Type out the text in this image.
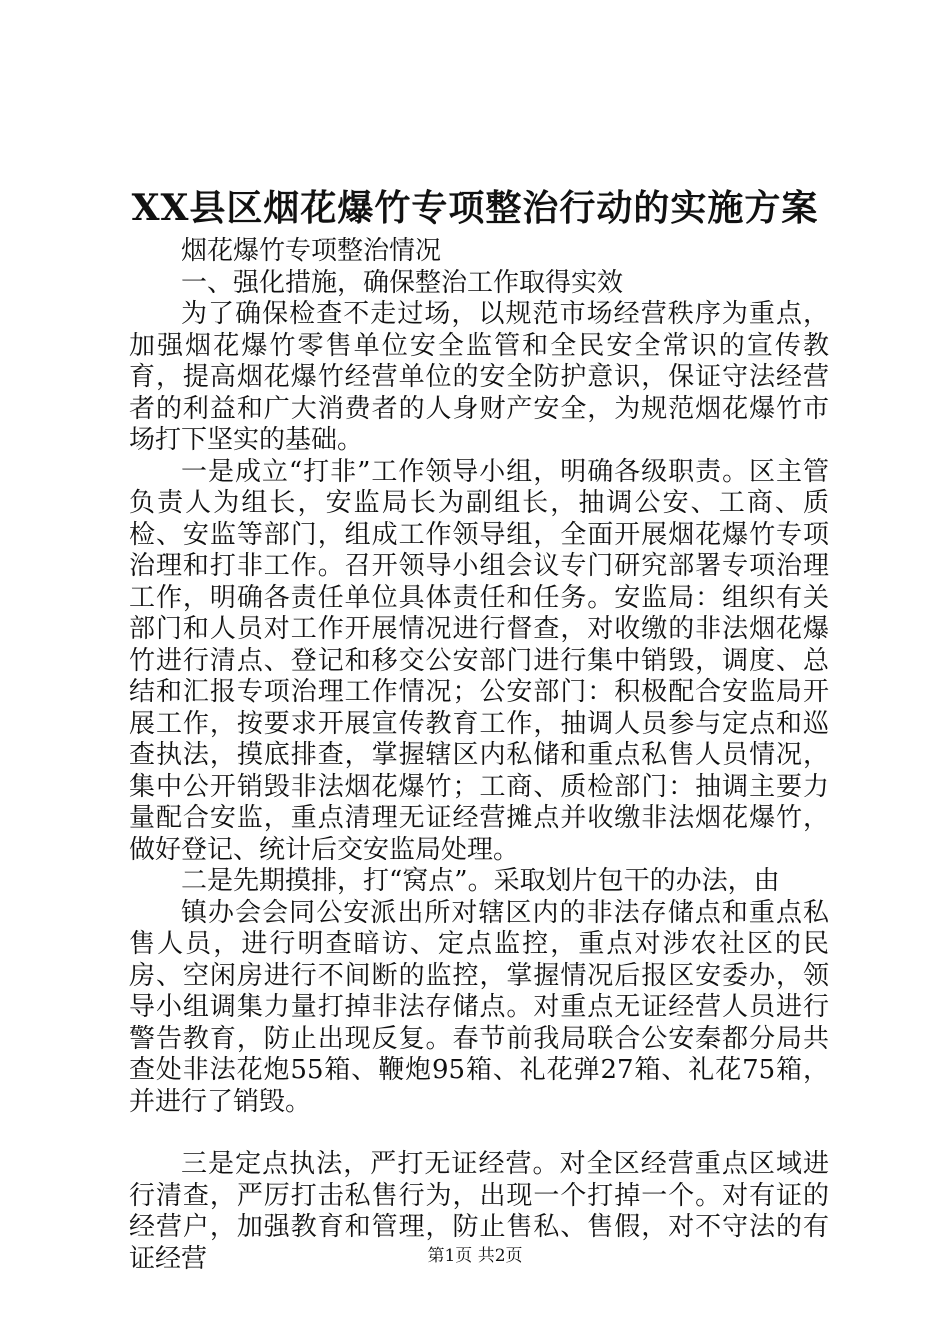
XX县区烟花爆竹专项整治行动的实施方案

烟花爆竹专项整治情况

一、强化措施，确保整治工作取得实效

为了确保检查不走过场，以规范市场经营秩序为重点，加强烟花爆竹零售单位安全监管和全民安全常识的宣传教育，提高烟花爆竹经营单位的安全防护意识，保证守法经营者的利益和广大消费者的人身财产安全，为规范烟花爆竹市场打下坚实的基础。

一是成立“打非”工作领导小组，明确各级职责。区主管负责人为组长，安监局长为副组长，抽调公安、工商、质检、安监等部门，组成工作领导组，全面开展烟花爆竹专项治理和打非工作。召开领导小组会议专门研究部署专项治理工作，明确各责任单位具体责任和任务。安监局：组织有关部门和人员对工作开展情况进行督查，对收缴的非法烟花爆竹进行清点、登记和移交公安部门进行集中销毁，调度、总结和汇报专项治理工作情况；公安部门：积极配合安监局开展工作，按要求开展宣传教育工作，抽调人员参与定点和巡查执法，摸底排查，掌握辖区内私储和重点私售人员情况，集中公开销毁非法烟花爆竹；工商、质检部门：抽调主要力量配合安监，重点清理无证经营摊点并收缴非法烟花爆竹，做好登记、统计后交安监局处理。

二是先期摸排，打“窝点”。采取划片包干的办法，由

镇办会会同公安派出所对辖区内的非法存储点和重点私售人员，进行明查暗访、定点监控，重点对涉农社区的民房、空闲房进行不间断的监控，掌握情况后报区安委办，领导小组调集力量打掉非法存储点。对重点无证经营人员进行警告教育，防止出现反复。春节前我局联合公安秦都分局共查处非法花炮55箱、鞭炮95箱、礼花弹27箱、礼花75箱，并进行了销毁。

三是定点执法，严打无证经营。对全区经营重点区域进行清查，严厉打击私售行为，出现一个打掉一个。对有证的经营户，加强教育和管理，防止售私、售假，对不守法的有证经营	第1页 共2页
